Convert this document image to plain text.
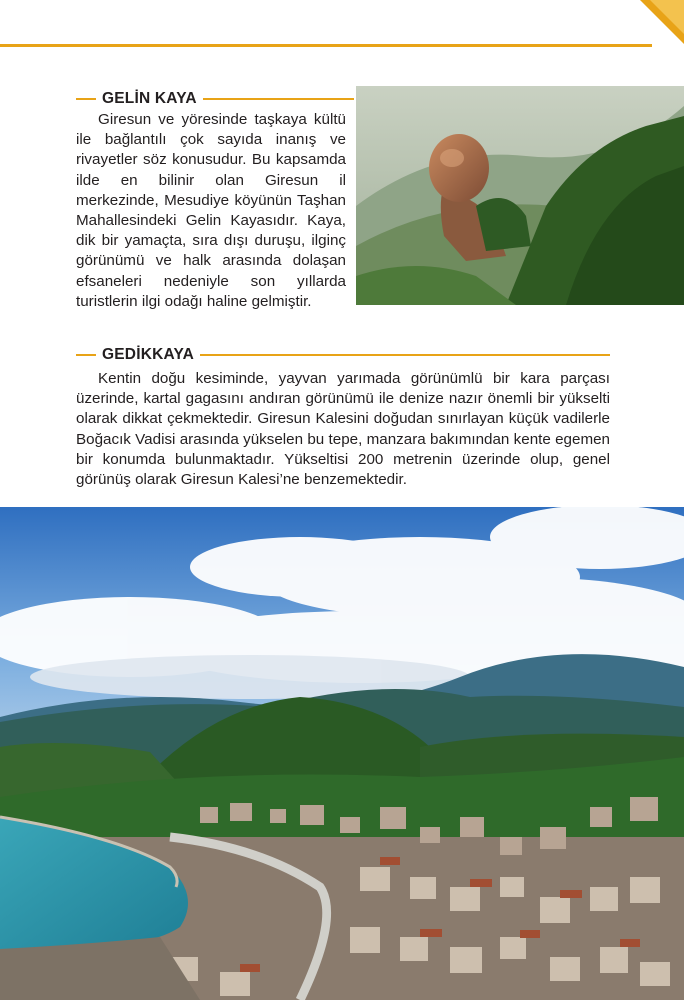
GELİN KAYA
Giresun ve yöresinde taşkaya kültü ile bağlantılı çok sayıda inanış ve rivayetler söz konusudur. Bu kapsamda ilde en bilinir olan Giresun il merkezinde, Mesudiye köyünün Taşhan Mahallesindeki Gelin Kayasıdır. Kaya, dik bir yamaçta, sıra dışı duruşu, ilginç görünümü ve halk arasında dolaşan efsaneleri nedeniyle son yıllarda turistlerin ilgi odağı haline gelmiştir.
GEDİKKAYA
Kentin doğu kesiminde, yayvan yarımada görünümlü bir kara parçası üzerinde, kartal gagasını andıran görünümü ile denize nazır önemli bir yükselti olarak dikkat çekmektedir. Giresun Kalesini doğudan sınırlayan küçük vadilerle Boğacık Vadisi arasında yükselen bu tepe, manzara bakımından kente egemen bir konumda bulunmaktadır. Yükseltisi 200 metrenin üzerinde olup, genel görünüş olarak Giresun Kalesi’ne benzemektedir.
